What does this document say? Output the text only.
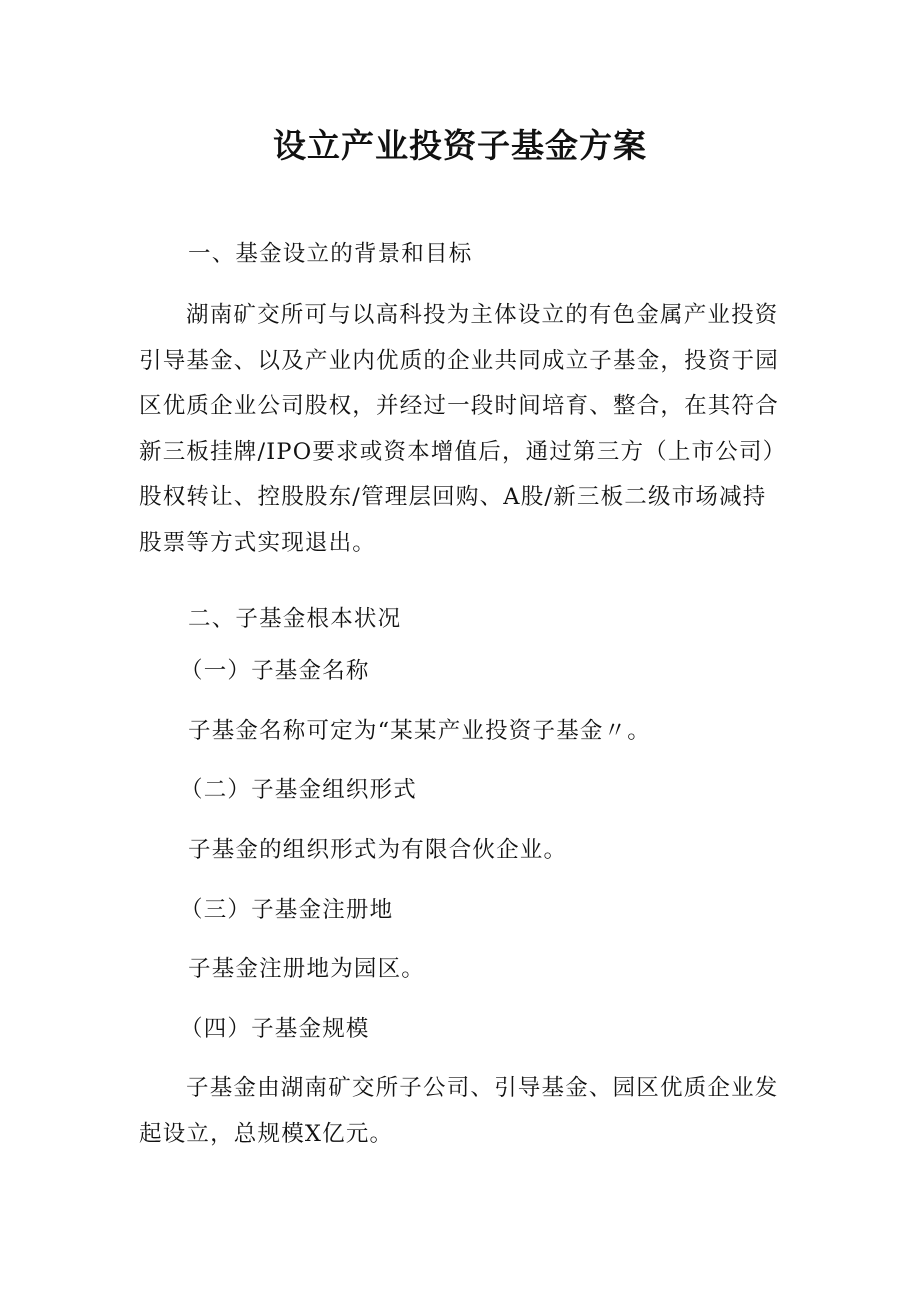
设立产业投资子基金方案
一、基金设立的背景和目标

湖南矿交所可与以高科投为主体设立的有色金属产业投资引导基金、以及产业内优质的企业共同成立子基金，投资于园区优质企业公司股权，并经过一段时间培育、整合，在其符合新三板挂牌/IPO要求或资本增值后，通过第三方（上市公司）股权转让、控股股东/管理层回购、A股/新三板二级市场减持股票等方式实现退出。

二、子基金根本状况
（一）子基金名称
子基金名称可定为“某某产业投资子基金〃。
（二）子基金组织形式
子基金的组织形式为有限合伙企业。
（三）子基金注册地
子基金注册地为园区。
（四）子基金规模

子基金由湖南矿交所子公司、引导基金、园区优质企业发起设立，总规模X亿元。
